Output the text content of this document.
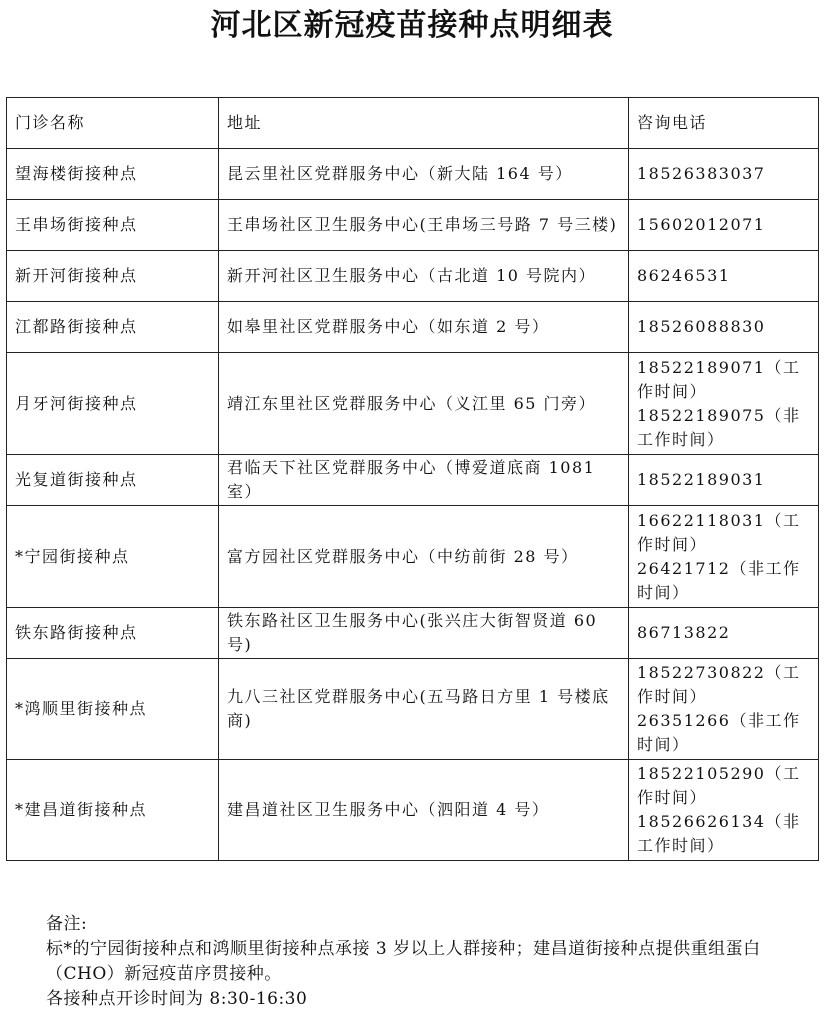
河北区新冠疫苗接种点明细表
门诊名称	地址	咨询电话
望海楼街接种点	昆云里社区党群服务中心（新大陆 164 号）	18526383037

王串场街接种点	王串场社区卫生服务中心(王串场三号路 7 号三楼)	15602012071

新开河街接种点	新开河社区卫生服务中心（古北道 10 号院内）	86246531

江都路街接种点	如皋里社区党群服务中心（如东道 2 号）	18526088830

月牙河街接种点	靖江东里社区党群服务中心（义江里 65 门旁）	18522189071（工作时间）
18522189075（非工作时间）

光复道街接种点	君临天下社区党群服务中心（博爱道底商 1081 室）	18522189031

*宁园街接种点	富方园社区党群服务中心（中纺前街 28 号）	16622118031（工作时间）
26421712（非工作时间）

铁东路街接种点	铁东路社区卫生服务中心(张兴庄大街智贤道 60 号)	86713822

*鸿顺里街接种点	九八三社区党群服务中心(五马路日方里 1 号楼底商)	18522730822（工作时间）
26351266（非工作时间）

*建昌道街接种点	建昌道社区卫生服务中心（泗阳道 4 号）	18522105290（工作时间）
18526626134（非工作时间）
备注:
标*的宁园街接种点和鸿顺里街接种点承接 3 岁以上人群接种；建昌道街接种点提供重组蛋白（CHO）新冠疫苗序贯接种。
各接种点开诊时间为 8:30-16:30
